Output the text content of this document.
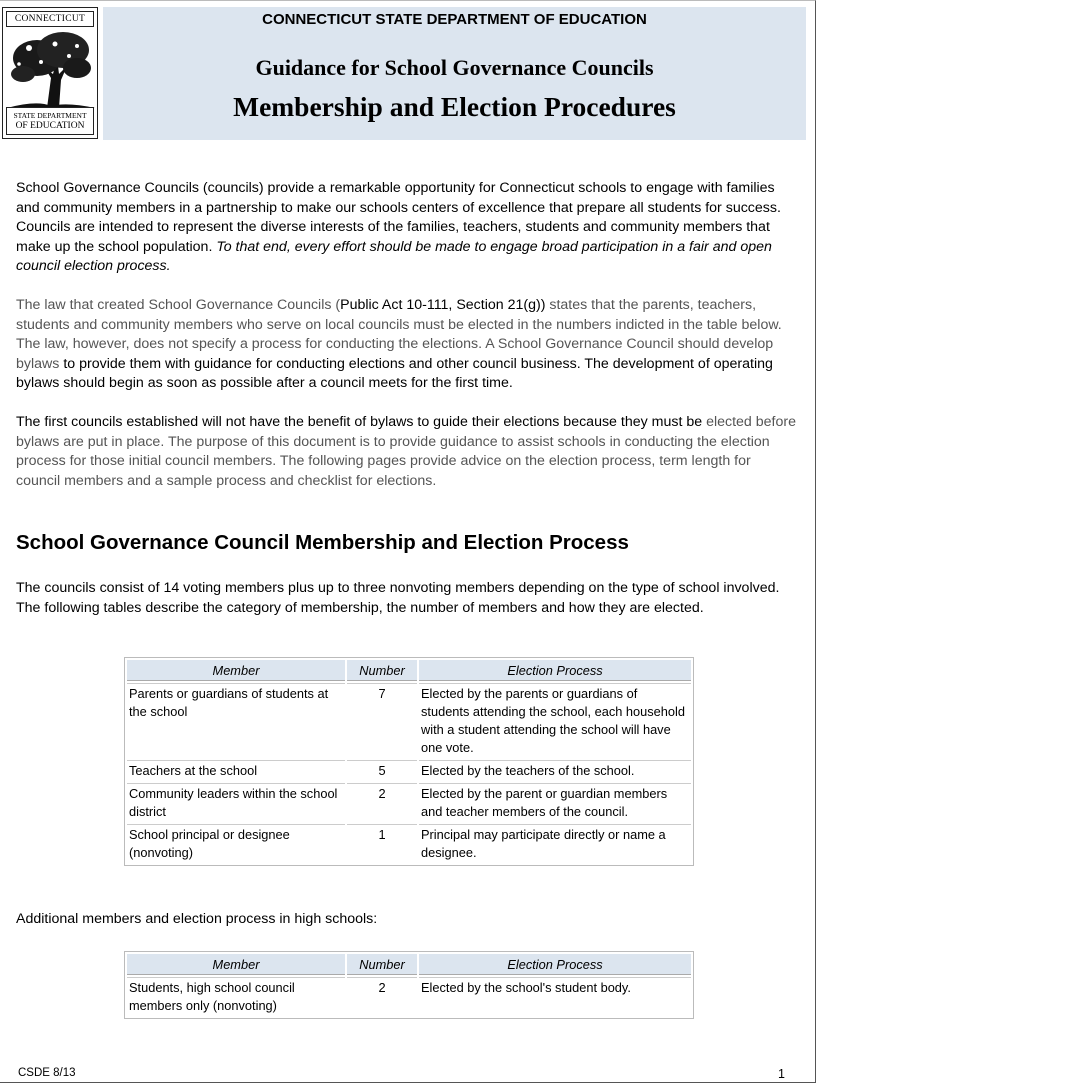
CONNECTICUT
STATE DEPARTMENT
OF EDUCATION
CONNECTICUT STATE DEPARTMENT OF EDUCATION
Guidance for School Governance Councils
Membership and Election Procedures
School Governance Councils (councils) provide a remarkable opportunity for Connecticut schools to engage with families and community members in a partnership to make our schools centers of excellence that prepare all students for success. Councils are intended to represent the diverse interests of the families, teachers, students and community members that make up the school population. To that end, every effort should be made to engage broad participation in a fair and open council election process.
The law that created School Governance Councils (Public Act 10-111, Section 21(g)) states that the parents, teachers, students and community members who serve on local councils must be elected in the numbers indicted in the table below. The law, however, does not specify a process for conducting the elections. A School Governance Council should develop bylaws to provide them with guidance for conducting elections and other council business. The development of operating bylaws should begin as soon as possible after a council meets for the first time.
The first councils established will not have the benefit of bylaws to guide their elections because they must be elected before bylaws are put in place. The purpose of this document is to provide guidance to assist schools in conducting the election process for those initial council members. The following pages provide advice on the election process, term length for council members and a sample process and checklist for elections.
School Governance Council Membership and Election Process
The councils consist of 14 voting members plus up to three nonvoting members depending on the type of school involved. The following tables describe the category of membership, the number of members and how they are elected.
Member	Number	Election Process
Parents or guardians of students at the school	7	Elected by the parents or guardians of students attending the school, each household with a student attending the school will have one vote.
Teachers at the school	5	Elected by the teachers of the school.
Community leaders within the school district	2	Elected by the parent or guardian members and teacher members of the council.
School principal or designee (nonvoting)	1	Principal may participate directly or name a designee.
Additional members and election process in high schools:
Member	Number	Election Process
Students, high school council members only (nonvoting)	2	Elected by the school's student body.
CSDE 8/13	1
